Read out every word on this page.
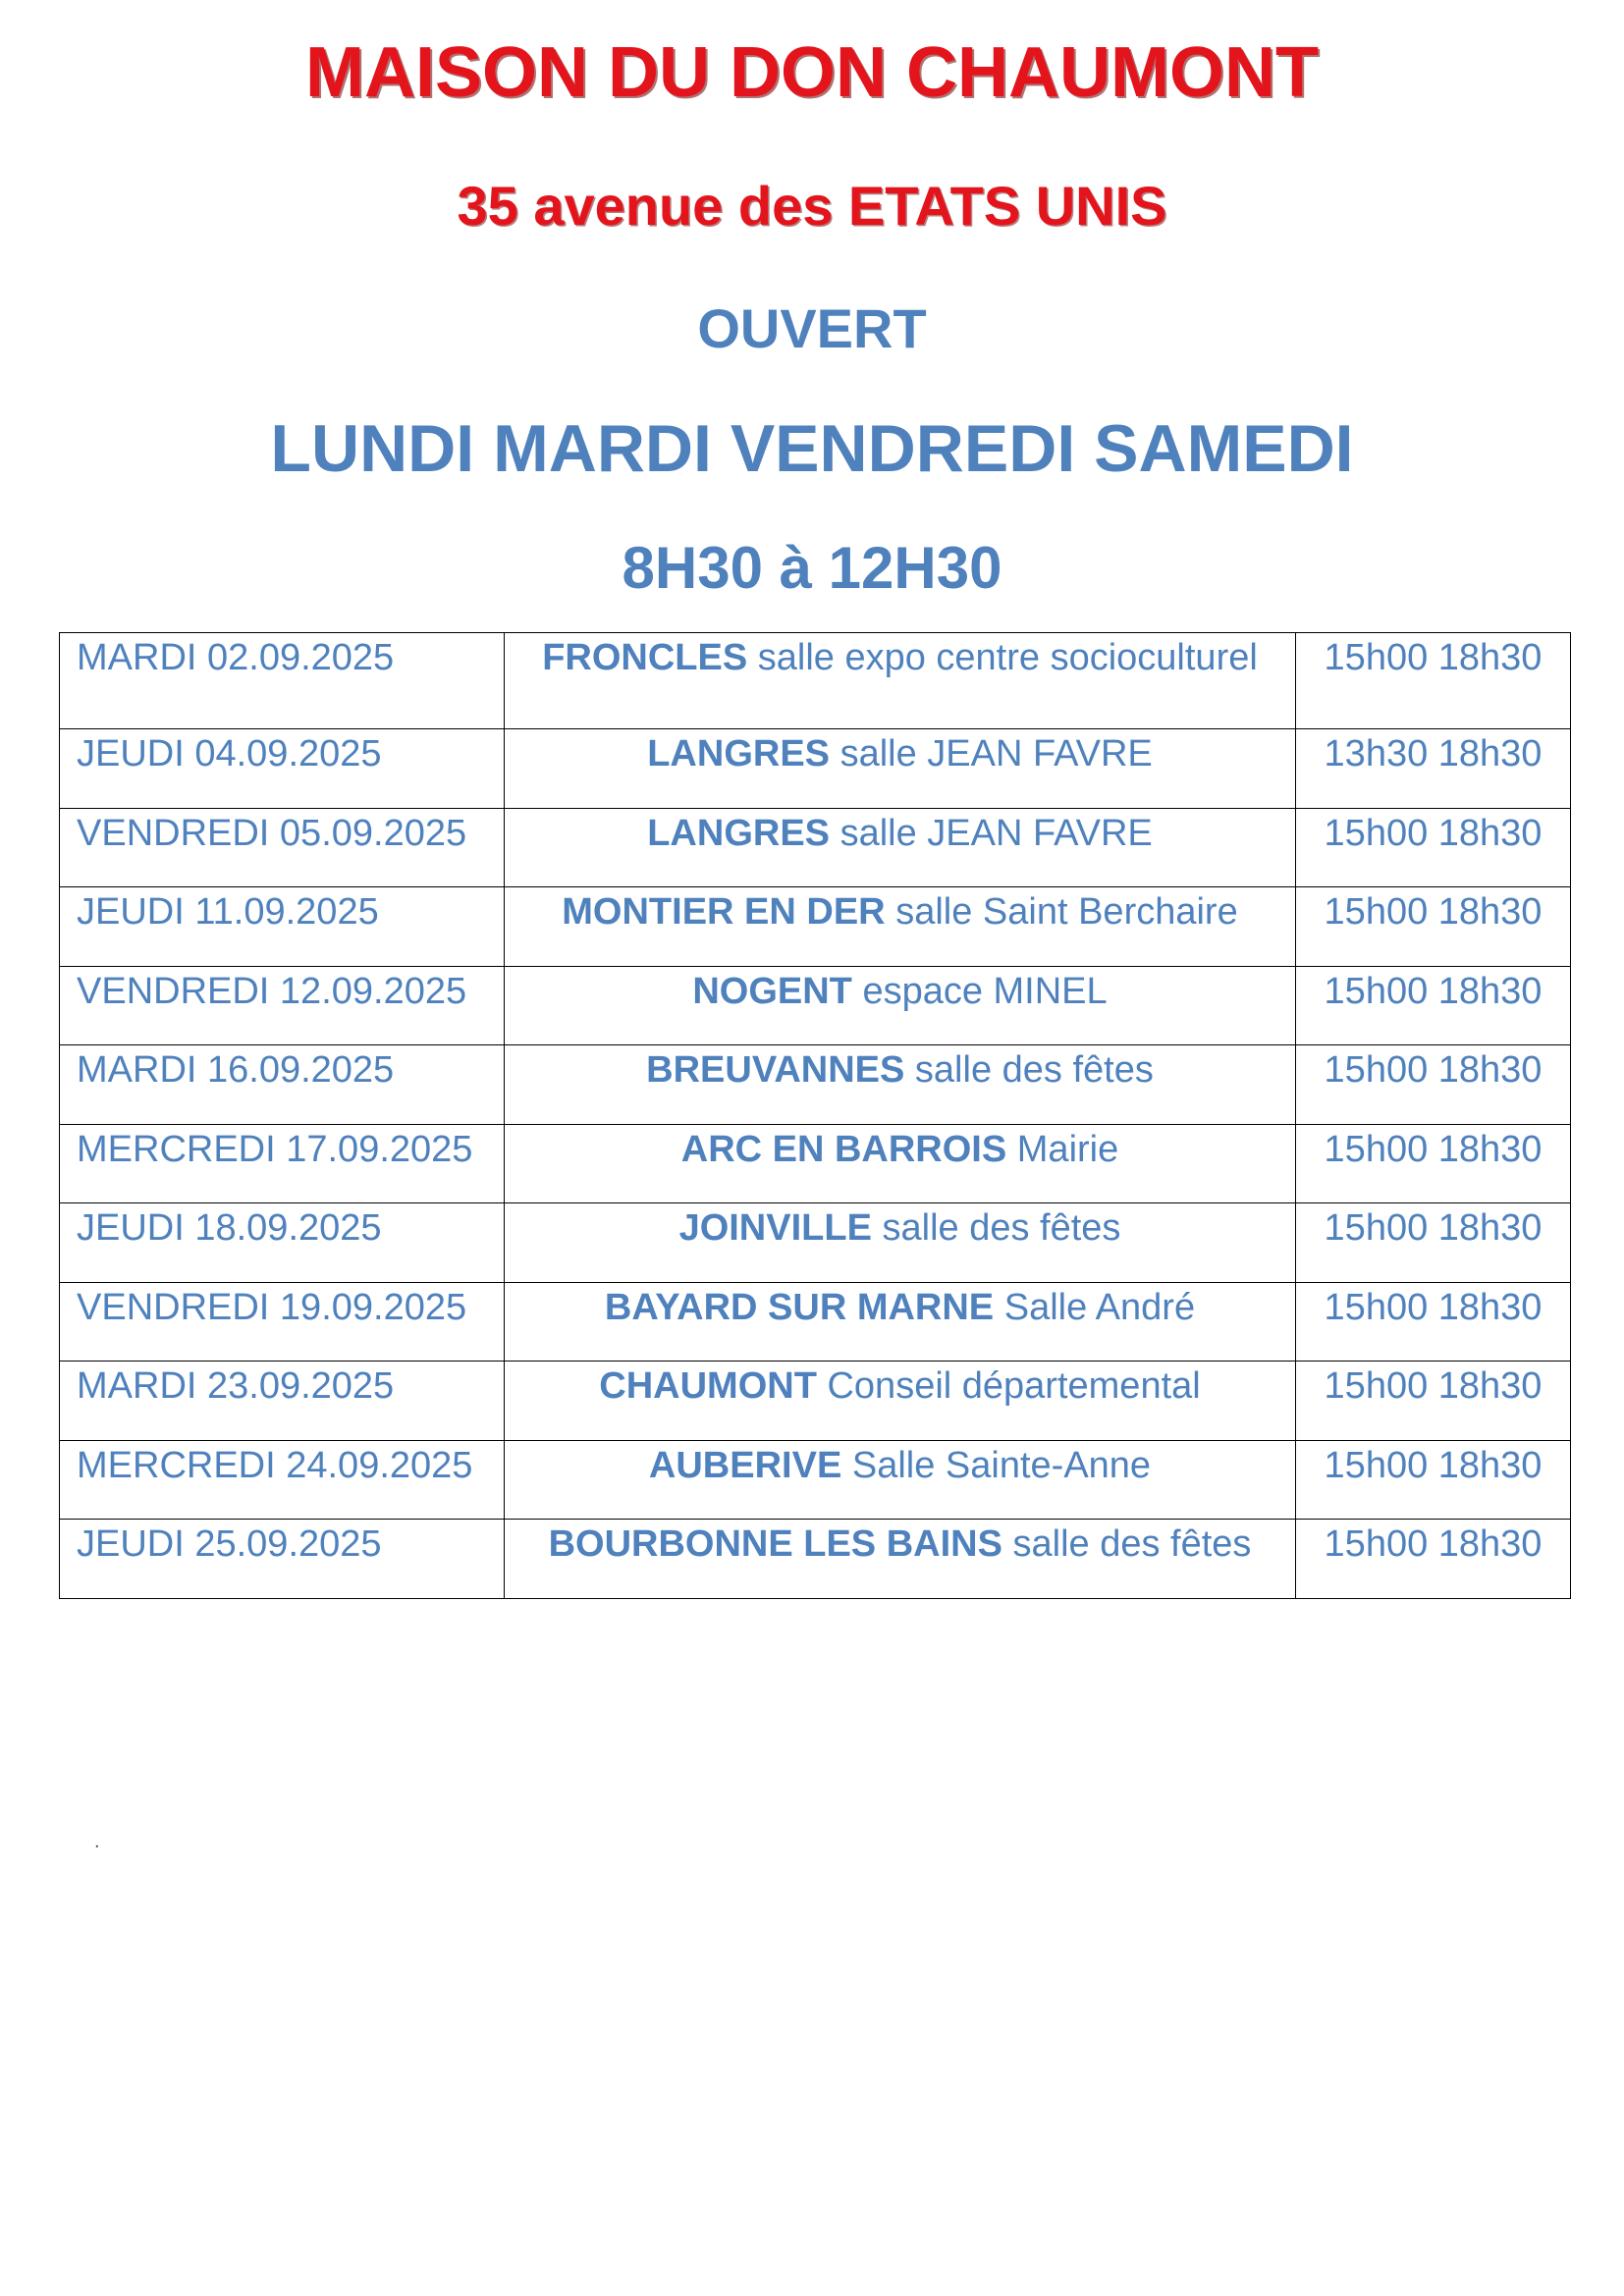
MAISON DU DON CHAUMONT
35 avenue des ETATS UNIS
OUVERT
LUNDI MARDI VENDREDI SAMEDI
8H30 à 12H30
MARDI 02.09.2025	FRONCLES salle expo centre socioculturel	15h00 18h30
JEUDI 04.09.2025	LANGRES salle JEAN FAVRE	13h30 18h30
VENDREDI 05.09.2025	LANGRES salle JEAN FAVRE	15h00 18h30
JEUDI 11.09.2025	MONTIER EN DER salle Saint Berchaire	15h00 18h30
VENDREDI 12.09.2025	NOGENT espace MINEL	15h00 18h30
MARDI 16.09.2025	BREUVANNES salle des fêtes	15h00 18h30
MERCREDI 17.09.2025	ARC EN BARROIS Mairie	15h00 18h30
JEUDI 18.09.2025	JOINVILLE salle des fêtes	15h00 18h30
VENDREDI 19.09.2025	BAYARD SUR MARNE Salle André	15h00 18h30
MARDI 23.09.2025	CHAUMONT Conseil départemental	15h00 18h30
MERCREDI 24.09.2025	AUBERIVE Salle Sainte-Anne	15h00 18h30
JEUDI 25.09.2025	BOURBONNE LES BAINS salle des fêtes	15h00 18h30
.
